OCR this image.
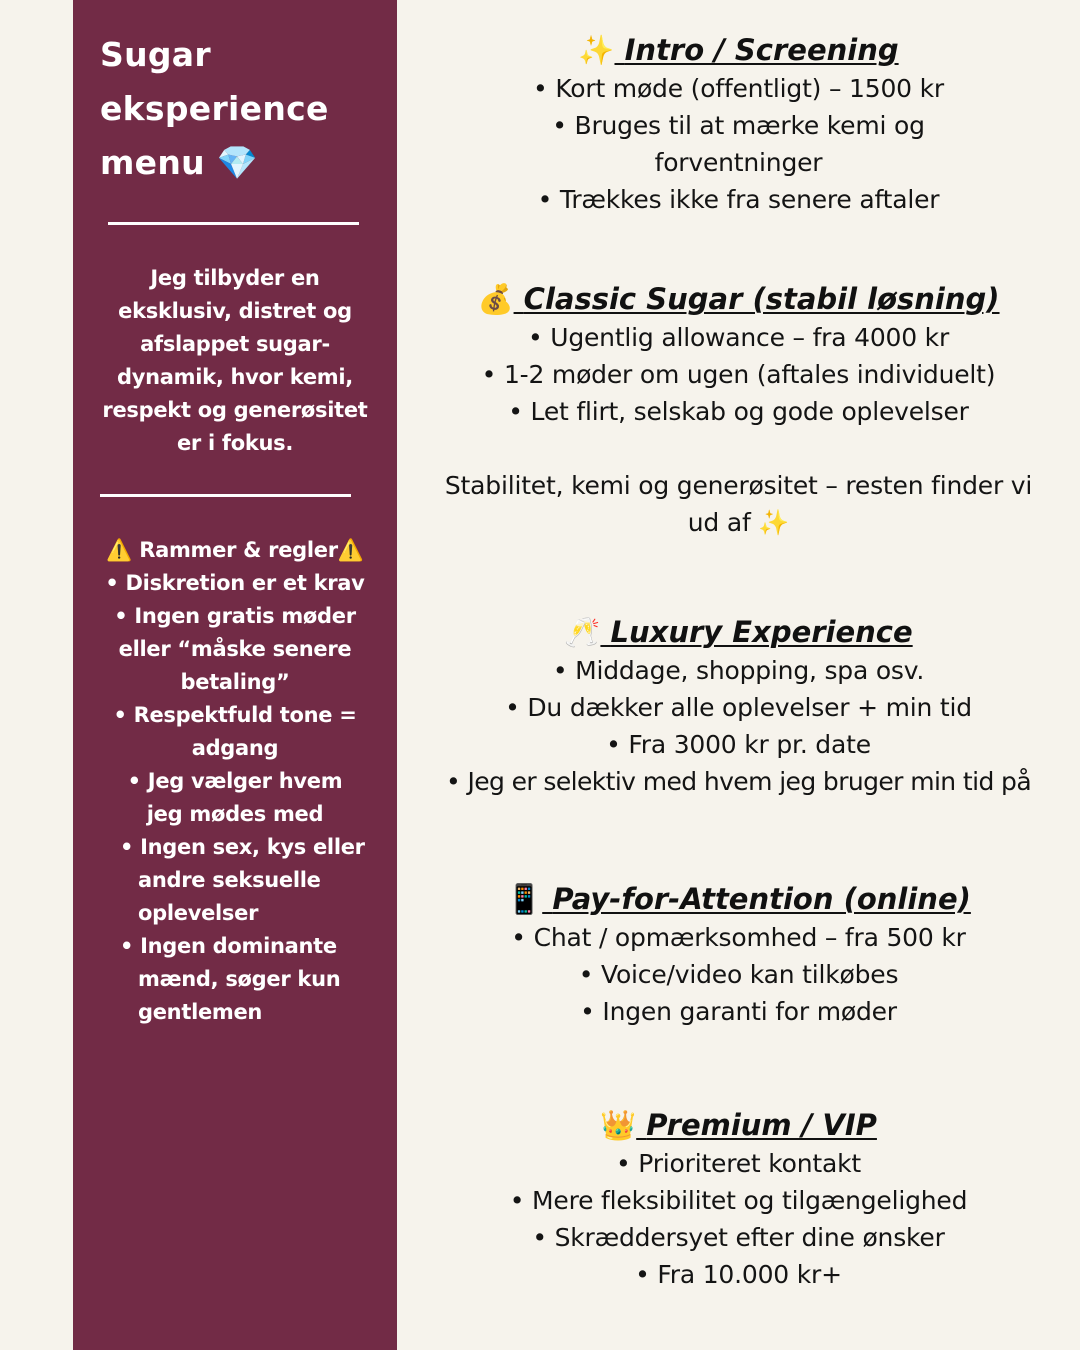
Sugar
eksperience
menu 💎
Jeg tilbyder en eksklusiv, distret og afslappet sugar-dynamik, hvor kemi, respekt og generøsitet er i fokus.
⚠️ Rammer & regler⚠️
• Diskretion er et krav
• Ingen gratis møder eller “måske senere betaling”
• Respektfuld tone = adgang
• Jeg vælger hvem jeg mødes med
• Ingen sex, kys eller andre seksuelle oplevelser
• Ingen dominante mænd, søger kun gentlemen
✨ Intro / Screening
• Kort møde (offentligt) – 1500 kr
• Bruges til at mærke kemi og forventninger
• Trækkes ikke fra senere aftaler
💰 Classic Sugar (stabil løsning)
• Ugentlig allowance – fra 4000 kr
• 1-2 møder om ugen (aftales individuelt)
• Let flirt, selskab og gode oplevelser
Stabilitet, kemi og generøsitet – resten finder vi ud af ✨
🥂 Luxury Experience
• Middage, shopping, spa osv.
• Du dækker alle oplevelser + min tid
• Fra 3000 kr pr. date
• Jeg er selektiv med hvem jeg bruger min tid på
📱 Pay-for-Attention (online)
• Chat / opmærksomhed – fra 500 kr
• Voice/video kan tilkøbes
• Ingen garanti for møder
👑 Premium / VIP
• Prioriteret kontakt
• Mere fleksibilitet og tilgængelighed
• Skræddersyet efter dine ønsker
• Fra 10.000 kr+
